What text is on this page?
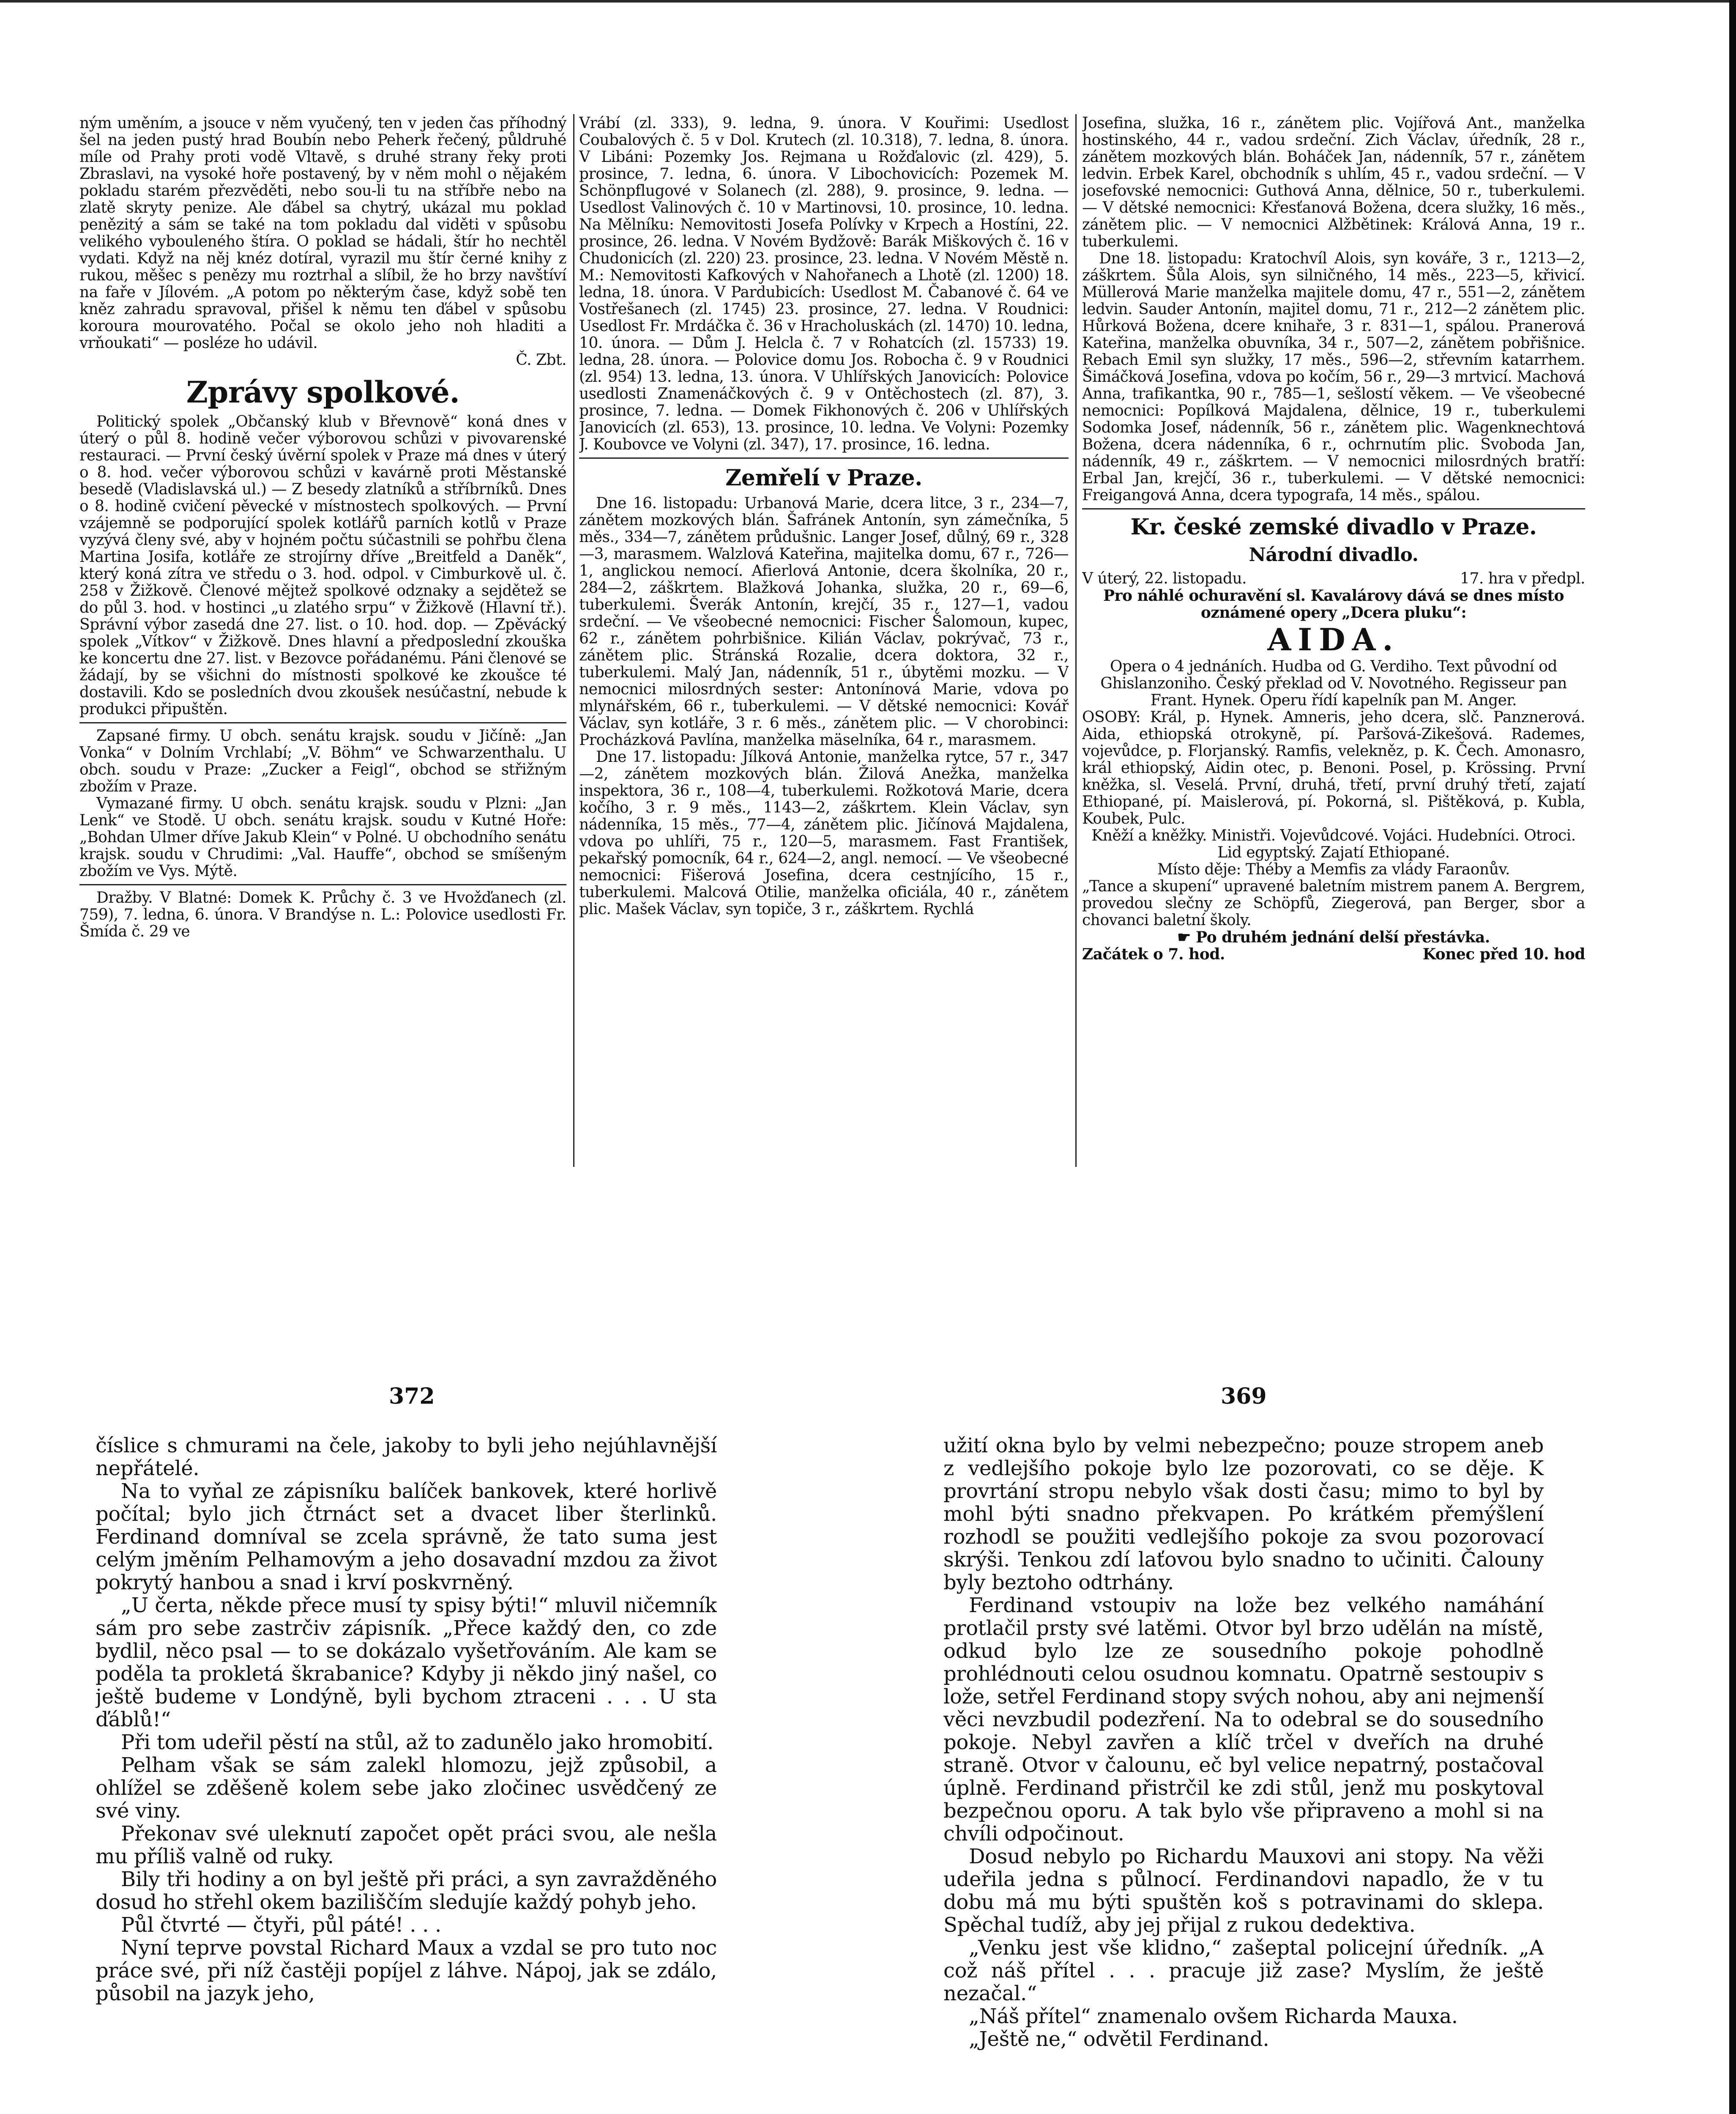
ným uměním, a jsouce v něm vyučený, ten v jeden čas příhodný šel na jeden pustý hrad Boubín nebo Peherk řečený, půldruhé míle od Prahy proti vodě Vltavě, s druhé strany řeky proti Zbraslavi, na vysoké hoře postavený, by v něm mohl o nějakém pokladu starém přezvěděti, nebo sou-li tu na stříbře nebo na zlatě skryty penize. Ale ďábel sa chytrý, ukázal mu poklad penězitý a sám se také na tom pokladu dal viděti v spůsobu velikého vybouleného štíra. O poklad se hádali, štír ho nechtěl vydati. Když na něj knéz dotíral, vyrazil mu štír černé knihy z rukou, měšec s penězy mu roztrhal a slíbil, že ho brzy navštíví na faře v Jílovém. „A potom po některým čase, když sobě ten kněz zahradu spravoval, přišel k němu ten ďábel v spůsobu koroura mourovatého. Počal se okolo jeho noh hladiti a vrňoukati“ — posléze ho udávil.

Č. Zbt.

Zprávy spolkové.

Politický spolek „Občanský klub v Břevnově“ koná dnes v úterý o půl 8. hodině večer výborovou schůzi v pivovarenské restauraci. — První český úvěrní spolek v Praze má dnes v úterý o 8. hod. večer výborovou schůzi v kavárně proti Městanské besedě (Vladislavská ul.) — Z besedy zlatníků a stříbrníků. Dnes o 8. hodině cvičení pěvecké v místnostech spolkových. — První vzájemně se podporující spolek kotlářů parních kotlů v Praze vyzývá členy své, aby v hojném počtu súčastnili se pohřbu člena Martina Josifa, kotláře ze strojírny dříve „Breitfeld a Daněk“, který koná zítra ve středu o 3. hod. odpol. v Cimburkově ul. č. 258 v Žižkově. Členové mějtež spolkové odznaky a sejdětež se do půl 3. hod. v hostinci „u zlatého srpu“ v Žižkově (Hlavní tř.). Správní výbor zasedá dne 27. list. o 10. hod. dop. — Zpěvácký spolek „Vítkov“ v Žižkově. Dnes hlavní a předposlední zkouška ke koncertu dne 27. list. v Bezovce pořádanému. Páni členové se žádají, by se všichni do místnosti spolkové ke zkoušce té dostavili. Kdo se posledních dvou zkoušek nesúčastní, nebude k produkci připuštěn.

Zapsané firmy. U obch. senátu krajsk. soudu v Jičíně: „Jan Vonka“ v Dolním Vrchlabí; „V. Böhm“ ve Schwarzenthalu. U obch. soudu v Praze: „Zucker a Feigl“, obchod se střižným zbožím v Praze.

Vymazané firmy. U obch. senátu krajsk. soudu v Plzni: „Jan Lenk“ ve Stodě. U obch. senátu krajsk. soudu v Kutné Hoře: „Bohdan Ulmer dříve Jakub Klein“ v Polné. U obchodního senátu krajsk. soudu v Chrudimi: „Val. Hauffe“, obchod se smíšeným zbožím ve Vys. Mýtě.

Dražby. V Blatné: Domek K. Průchy č. 3 ve Hvožďanech (zl. 759), 7. ledna, 6. února. V Brandýse n. L.: Polovice usedlosti Fr. Šmída č. 29 ve

Vrábí (zl. 333), 9. ledna, 9. února. V Kouřimi: Usedlost Coubalových č. 5 v Dol. Krutech (zl. 10.318), 7. ledna, 8. února. V Libáni: Pozemky Jos. Rejmana u Rožďalovic (zl. 429), 5. prosince, 7. ledna, 6. února. V Libochovicích: Pozemek M. Schönpflugové v Solanech (zl. 288), 9. prosince, 9. ledna. — Usedlost Valinových č. 10 v Martinovsi, 10. prosince, 10. ledna. Na Mělníku: Nemovitosti Josefa Polívky v Krpech a Hostíni, 22. prosince, 26. ledna. V Novém Bydžově: Barák Miškových č. 16 v Chudonicích (zl. 220) 23. prosince, 23. ledna. V Novém Městě n. M.: Nemovitosti Kafkových v Nahořanech a Lhotě (zl. 1200) 18. ledna, 18. února. V Pardubicích: Usedlost M. Čabanové č. 64 ve Vostřešanech (zl. 1745) 23. prosince, 27. ledna. V Roudnici: Usedlost Fr. Mrdáčka č. 36 v Hracholuskách (zl. 1470) 10. ledna, 10. února. — Dům J. Helcla č. 7 v Rohatcích (zl. 15733) 19. ledna, 28. února. — Polovice domu Jos. Robocha č. 9 v Roudnici (zl. 954) 13. ledna, 13. února. V Uhlířských Janovicích: Polovice usedlosti Znamenáčkových č. 9 v Ontěchostech (zl. 87), 3. prosince, 7. ledna. — Domek Fikhonových č. 206 v Uhlířských Janovicích (zl. 653), 13. prosince, 10. ledna. Ve Volyni: Pozemky J. Koubovce ve Volyni (zl. 347), 17. prosince, 16. ledna.

Zemřelí v Praze.

Dne 16. listopadu: Urbanová Marie, dcera litce, 3 r., 234—7, zánětem mozkových blán. Šafránek Antonín, syn zámečníka, 5 měs., 334—7, zánětem průdušnic. Langer Josef, důlný, 69 r., 328—3, marasmem. Walzlová Kateřina, majitelka domu, 67 r., 726—1, anglickou nemocí. Afierlová Antonie, dcera školníka, 20 r., 284—2, záškrtem. Blažková Johanka, služka, 20 r., 69—6, tuberkulemi. Šverák Antonín, krejčí, 35 r., 127—1, vadou srdeční. — Ve všeobecné nemocnici: Fischer Šalomoun, kupec, 62 r., zánětem pohrbišnice. Kilián Václav, pokrývač, 73 r., zánětem plic. Stránská Rozalie, dcera doktora, 32 r., tuberkulemi. Malý Jan, nádenník, 51 r., úbytěmi mozku. — V nemocnici milosrdných sester: Antonínová Marie, vdova po mlynářském, 66 r., tuberkulemi. — V dětské nemocnici: Kovář Václav, syn kotláře, 3 r. 6 měs., zánětem plic. — V chorobinci: Procházková Pavlína, manželka mäselníka, 64 r., marasmem.

Dne 17. listopadu: Jílková Antonie, manželka rytce, 57 r., 347—2, zánětem mozkových blán. Žilová Anežka, manželka inspektora, 36 r., 108—4, tuberkulemi. Rožkotová Marie, dcera kočího, 3 r. 9 měs., 1143—2, záškrtem. Klein Václav, syn nádenníka, 15 měs., 77—4, zánětem plic. Jičínová Majdalena, vdova po uhlíři, 75 r., 120—5, marasmem. Fast František, pekařský pomocník, 64 r., 624—2, angl. nemocí. — Ve všeobecné nemocnici: Fišerová Josefina, dcera cestnjícího, 15 r., tuberkulemi. Malcová Otilie, manželka oficiála, 40 r., zánětem plic. Mašek Václav, syn topiče, 3 r., záškrtem. Rychlá

Josefina, služka, 16 r., zánětem plic. Vojířová Ant., manželka hostinského, 44 r., vadou srdeční. Zich Václav, úředník, 28 r., zánětem mozkových blán. Boháček Jan, nádenník, 57 r., zánětem ledvin. Erbek Karel, obchodník s uhlím, 45 r., vadou srdeční. — V josefovské nemocnici: Guthová Anna, dělnice, 50 r., tuberkulemi. — V dětské nemocnici: Křesťanová Božena, dcera služky, 16 měs., zánětem plic. — V nemocnici Alžbětinek: Králová Anna, 19 r.. tuberkulemi.

Dne 18. listopadu: Kratochvíl Alois, syn kováře, 3 r., 1213—2, záškrtem. Šůla Alois, syn silničného, 14 měs., 223—5, křivicí. Müllerová Marie manželka majitele domu, 47 r., 551—2, zánětem ledvin. Sauder Antonín, majitel domu, 71 r., 212—2 zánětem plic. Hůrková Božena, dcere knihaře, 3 r. 831—1, spálou. Pranerová Kateřina, manželka obuvníka, 34 r., 507—2, zánětem pobřišnice. Rebach Emil syn služky, 17 měs., 596—2, střevním katarrhem. Šimáčková Josefina, vdova po kočím, 56 r., 29—3 mrtvicí. Machová Anna, trafikantka, 90 r., 785—1, sešlostí věkem. — Ve všeobecné nemocnici: Popílková Majdalena, dělnice, 19 r., tuberkulemi Sodomka Josef, nádenník, 56 r., zánětem plic. Wagenknechtová Božena, dcera nádenníka, 6 r., ochrnutím plic. Svoboda Jan, nádenník, 49 r., záškrtem. — V nemocnici milosrdných bratří: Erbal Jan, krejčí, 36 r., tuberkulemi. — V dětské nemocnici: Freigangová Anna, dcera typografa, 14 měs., spálou.

Kr. české zemské divadlo v Praze.
Národní divadlo.
V úterý, 22. listopadu.	17. hra v předpl.

Pro náhlé ochuravění sl. Kavalárovy dává se dnes místo oznámené opery „Dcera pluku“:

AIDA.

Opera o 4 jednáních. Hudba od G. Verdiho. Text původní od Ghislanzoniho. Český překlad od V. Novotného. Regisseur pan Frant. Hynek. Operu řídí kapelník pan M. Anger.

OSOBY: Král, p. Hynek. Amneris, jeho dcera, slč. Panznerová. Aida, ethiopská otrokyně, pí. Paršová-Zikešová. Rademes, vojevůdce, p. Florjanský. Ramfis, velekněz, p. K. Čech. Amonasro, král ethiopský, Aidin otec, p. Benoni. Posel, p. Krössing. První kněžka, sl. Veselá. První, druhá, třetí, první druhý třetí, zajatí Ethiopané, pí. Maislerová, pí. Pokorná, sl. Pištěková, p. Kubla, Koubek, Pulc.

Kněží a kněžky. Ministři. Vojevůdcové. Vojáci. Hudebníci. Otroci. Lid egyptský. Zajatí Ethiopané.

Místo děje: Théby a Memfis za vlády Faraonův.

„Tance a skupení“ upravené baletním mistrem panem A. Bergrem, provedou slečny ze Schöpfů, Ziegerová, pan Berger, sbor a chovanci baletní školy.

☛ Po druhém jednání delší přestávka.

Začátek o 7. hod.	Konec před 10. hod
372	369

číslice s chmurami na čele, jakoby to byli jeho nejúhlavnější nepřátelé.

Na to vyňal ze zápisníku balíček bankovek, které horlivě počítal; bylo jich čtrnáct set a dvacet liber šterlinků. Ferdinand domníval se zcela správně, že tato suma jest celým jměním Pelhamovým a jeho dosavadní mzdou za život pokrytý hanbou a snad i krví poskvrněný.

„U čerta, někde přece musí ty spisy býti!“ mluvil ničemník sám pro sebe zastrčiv zápisník. „Přece každý den, co zde bydlil, něco psal — to se dokázalo vyšetřováním. Ale kam se poděla ta prokletá škrabanice? Kdyby ji někdo jiný našel, co ještě budeme v Londýně, byli bychom ztraceni . . . U sta ďáblů!“

Při tom udeřil pěstí na stůl, až to zadunělo jako hromobití.

Pelham však se sám zalekl hlomozu, jejž způsobil, a ohlížel se zděšeně kolem sebe jako zločinec usvědčený ze své viny.

Překonav své uleknutí započet opět práci svou, ale nešla mu příliš valně od ruky.

Bily tři hodiny a on byl ještě při práci, a syn zavražděného dosud ho střehl okem baziliščím sledujíe každý pohyb jeho.

Půl čtvrté — čtyři, půl páté! . . .

Nyní teprve povstal Richard Maux a vzdal se pro tuto noc práce své, při níž častěji popíjel z láhve. Nápoj, jak se zdálo, působil na jazyk jeho,

užití okna bylo by velmi nebezpečno; pouze stropem aneb z vedlejšího pokoje bylo lze pozorovati, co se děje. K provrtání stropu nebylo však dosti času; mimo to byl by mohl býti snadno překvapen. Po krátkém přemýšlení rozhodl se použiti vedlejšího pokoje za svou pozorovací skrýši. Tenkou zdí laťovou bylo snadno to učiniti. Čalouny byly beztoho odtrhány.

Ferdinand vstoupiv na lože bez velkého namáhání protlačil prsty své latěmi. Otvor byl brzo udělán na místě, odkud bylo lze ze sousedního pokoje pohodlně prohlédnouti celou osudnou komnatu. Opatrně sestoupiv s lože, setřel Ferdinand stopy svých nohou, aby ani nejmenší věci nevzbudil podezření. Na to odebral se do sousedního pokoje. Nebyl zavřen a klíč trčel v dveřích na druhé straně. Otvor v čalounu, eč byl velice nepatrný, postačoval úplně. Ferdinand přistrčil ke zdi stůl, jenž mu poskytoval bezpečnou oporu. A tak bylo vše připraveno a mohl si na chvíli odpočinout.

Dosud nebylo po Richardu Mauxovi ani stopy. Na věži udeřila jedna s půlnocí. Ferdinandovi napadlo, že v tu dobu má mu býti spuštěn koš s potravinami do sklepa. Spěchal tudíž, aby jej přijal z rukou dedektiva.

„Venku jest vše klidno,“ zašeptal policejní úředník. „A což náš přítel . . . pracuje již zase? Myslím, že ještě nezačal.“

„Náš přítel“ znamenalo ovšem Richarda Mauxa.

„Ještě ne,“ odvětil Ferdinand.
